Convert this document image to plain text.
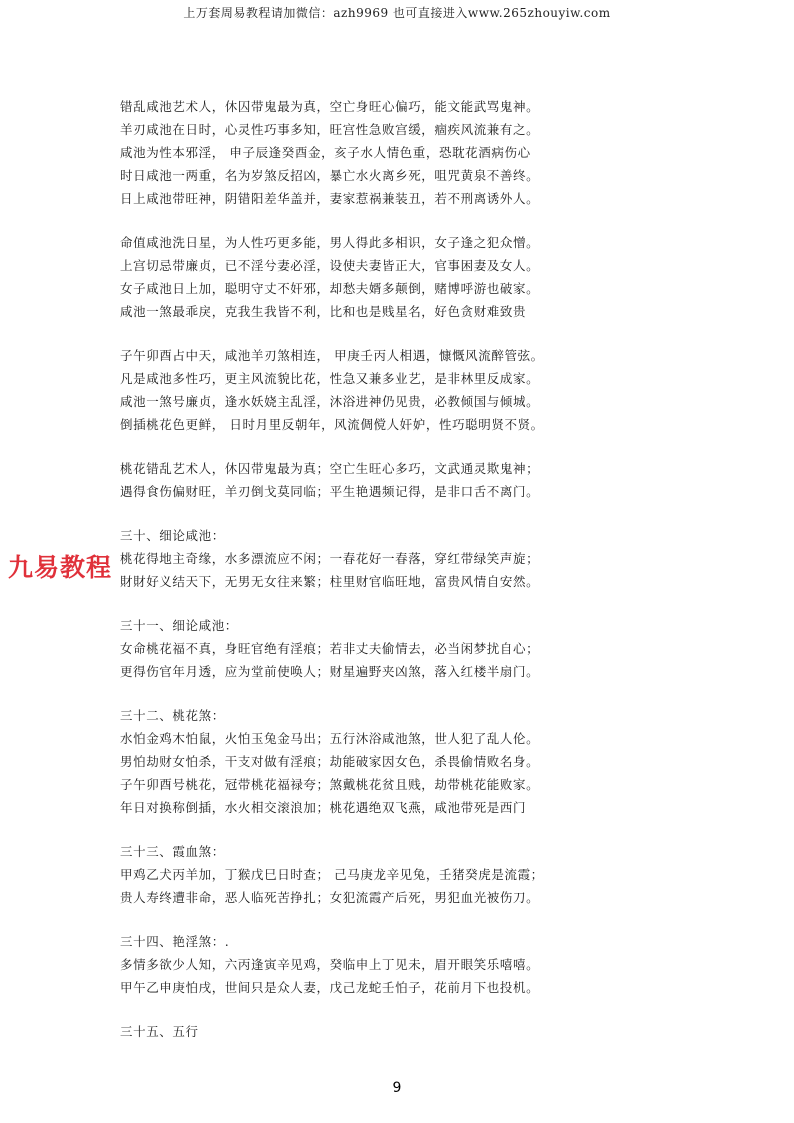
上万套周易教程请加微信：azh9969 也可直接进入www.265zhouyiw.com
错乱咸池艺术人，休囚带鬼最为真，空亡身旺心偏巧，能文能武骂鬼神。
羊刃咸池在日时，心灵性巧事多知，旺宫性急败宫缓，痼疾风流兼有之。
咸池为性本邪淫， 申子辰逢癸酉金，亥子水人情色重，恐耽花酒病伤心
时日咸池一两重，名为岁煞反招凶，暴亡水火离乡死，咀咒黄泉不善终。
日上咸池带旺神，阴错阳差华盖并，妻家惹祸兼装丑，若不刑离诱外人。
命值咸池洗日星，为人性巧更多能，男人得此多相识，女子逢之犯众憎。
上宫切忌带廉贞，已不淫兮妻必淫，设使夫妻皆正大，官事困妻及女人。
女子咸池日上加，聪明守丈不奸邪，却愁夫婿多颠倒，赌博呼游也破家。
咸池一煞最乖戾，克我生我皆不利，比和也是贱星名，好色贪财难致贵
子午卯酉占中天，咸池羊刃煞相连， 甲庚壬丙人相遇，慷慨风流醉管弦。
凡是咸池多性巧，更主风流貌比花，性急又兼多业艺，是非林里反成家。
咸池一煞号廉贞，逢水妖娆主乱淫，沐浴进神仍见贵，必教倾国与倾城。
倒插桃花色更鲜， 日时月里反朝年，风流倜傥人奸妒，性巧聪明贤不贤。
桃花错乱艺术人，休囚带鬼最为真；空亡生旺心多巧，文武通灵欺鬼神；
遇得食伤偏财旺，羊刃倒戈莫同临；平生艳遇频记得，是非口舌不离门。
三十、细论咸池：
桃花得地主奇缘，水多漂流应不闲；一春花好一春落，穿红带绿笑声旋；
財財好义结天下，无男无女往来繁；柱里财官临旺地，富贵风情自安然。
三十一、细论咸池：
女命桃花福不真，身旺官绝有淫痕；若非丈夫偷情去，必当闲梦扰自心；
更得伤官年月透，应为堂前使唤人；财星遍野夹凶煞，落入红楼半扇门。
三十二、桃花煞：
水怕金鸡木怕鼠，火怕玉兔金马出；五行沐浴咸池煞，世人犯了乱人伦。
男怕劫财女怕杀，干支对做有淫痕；劫能破家因女色，杀畏偷情败名身。
子午卯酉号桃花，冠带桃花福禄夸；煞戴桃花贫且贱，劫带桃花能败家。
年日对换称倒插，水火相交滚浪加；桃花遇绝双飞燕，咸池带死是西门
三十三、霞血煞：
甲鸡乙犬丙羊加，丁猴戊巳日时查； 己马庚龙辛见兔，壬猪癸虎是流霞；
贵人寿终遭非命，恶人临死苦挣扎；女犯流霞产后死，男犯血光被伤刀。
三十四、艳淫煞：.
多情多欲少人知，六丙逢寅辛见鸡，癸临申上丁见未，眉开眼笑乐嘻嘻。
甲午乙申庚怕戌，世间只是众人妻，戊己龙蛇壬怕子，花前月下也投机。
三十五、五行
九易教程
9
